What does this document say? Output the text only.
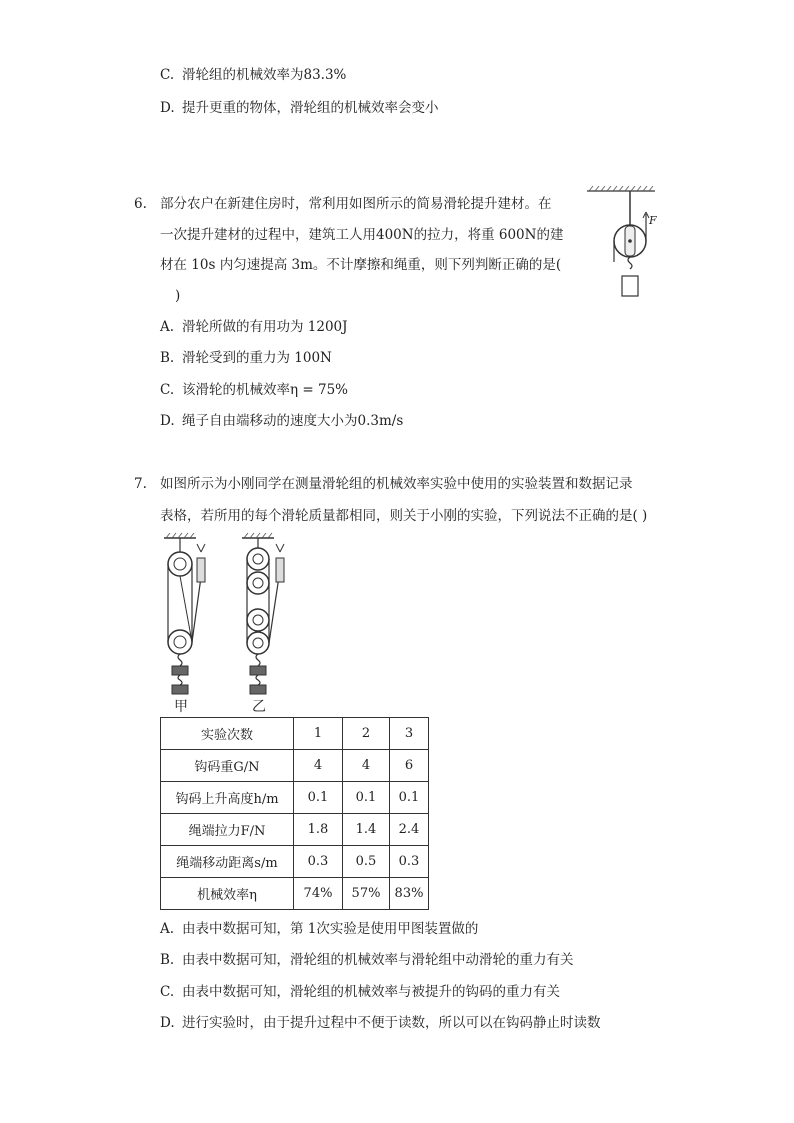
C. 滑轮组的机械效率为83.3%
D. 提升更重的物体，滑轮组的机械效率会变小
6. 部分农户在新建住房时，常利用如图所示的简易滑轮提升建材。在
一次提升建材的过程中，建筑工人用400N的拉力，将重 600N的建
材在 10s 内匀速提高 3m。不计摩擦和绳重，则下列判断正确的是(
)
F
A. 滑轮所做的有用功为 1200J
B. 滑轮受到的重力为 100N
C. 该滑轮的机械效率η = 75%
D. 绳子自由端移动的速度大小为0.3m/s
7. 如图所示为小刚同学在测量滑轮组的机械效率实验中使用的实验装置和数据记录
表格，若所用的每个滑轮质量都相同，则关于小刚的实验，下列说法不正确的是( )
甲	乙
实验次数	1	2	3
钩码重G/N	4	4	6
钩码上升高度h/m	0.1	0.1	0.1
绳端拉力F/N	1.8	1.4	2.4
绳端移动距离s/m	0.3	0.5	0.3
机械效率η	74%	57%	83%
A. 由表中数据可知，第 1次实验是使用甲图装置做的
B. 由表中数据可知，滑轮组的机械效率与滑轮组中动滑轮的重力有关
C. 由表中数据可知，滑轮组的机械效率与被提升的钩码的重力有关
D. 进行实验时，由于提升过程中不便于读数，所以可以在钩码静止时读数
